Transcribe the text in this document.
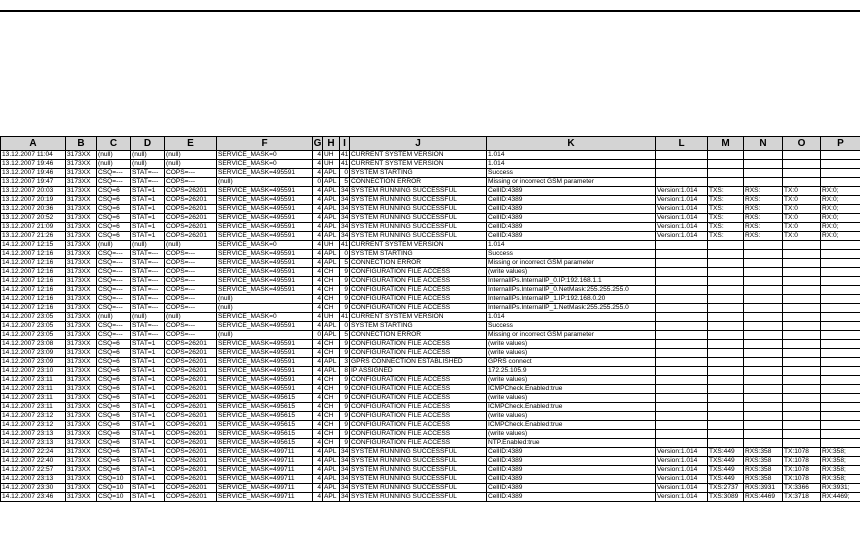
A	B	C	D	E	F	G	H	I	J	K	L	M	N	O	P
13.12.2007 11:04	3173XX	(null)	(null)	(null)	SERVICE_MASK=0	4	UH	41	CURRENT SYSTEM VERSION	1.014					
13.12.2007 19:46	3173XX	(null)	(null)	(null)	SERVICE_MASK=0	4	UH	41	CURRENT SYSTEM VERSION	1.014					
13.12.2007 19:46	3173XX	CSQ=---	STAT=---	COPS=---	SERVICE_MASK=495591	4	APL	0	SYSTEM STARTING	Success					
13.12.2007 19:47	3173XX	CSQ=---	STAT=---	COPS=---	(null)	0	APL	5	CONNECTION ERROR	Missing or incorrect GSM parameter					
13.12.2007 20:03	3173XX	CSQ=6	STAT=1	COPS=26201	SERVICE_MASK=495591	4	APL	34	SYSTEM RUNNING SUCCESSFUL	CellID:4389	Version:1.014	TXS:	RXS:	TX:0	RX:0;
13.12.2007 20:19	3173XX	CSQ=6	STAT=1	COPS=26201	SERVICE_MASK=495591	4	APL	34	SYSTEM RUNNING SUCCESSFUL	CellID:4389	Version:1.014	TXS:	RXS:	TX:0	RX:0;
13.12.2007 20:36	3173XX	CSQ=6	STAT=1	COPS=26201	SERVICE_MASK=495591	4	APL	34	SYSTEM RUNNING SUCCESSFUL	CellID:4389	Version:1.014	TXS:	RXS:	TX:0	RX:0;
13.12.2007 20:52	3173XX	CSQ=6	STAT=1	COPS=26201	SERVICE_MASK=495591	4	APL	34	SYSTEM RUNNING SUCCESSFUL	CellID:4389	Version:1.014	TXS:	RXS:	TX:0	RX:0;
13.12.2007 21:09	3173XX	CSQ=6	STAT=1	COPS=26201	SERVICE_MASK=495591	4	APL	34	SYSTEM RUNNING SUCCESSFUL	CellID:4389	Version:1.014	TXS:	RXS:	TX:0	RX:0;
13.12.2007 21:26	3173XX	CSQ=6	STAT=1	COPS=26201	SERVICE_MASK=495591	4	APL	34	SYSTEM RUNNING SUCCESSFUL	CellID:4389	Version:1.014	TXS:	RXS:	TX:0	RX:0;
14.12.2007 12:15	3173XX	(null)	(null)	(null)	SERVICE_MASK=0	4	UH	41	CURRENT SYSTEM VERSION	1.014					
14.12.2007 12:16	3173XX	CSQ=---	STAT=---	COPS=---	SERVICE_MASK=495591	4	APL	0	SYSTEM STARTING	Success					
14.12.2007 12:16	3173XX	CSQ=---	STAT=---	COPS=---	SERVICE_MASK=495591	4	APL	5	CONNECTION ERROR	Missing or incorrect GSM parameter					
14.12.2007 12:16	3173XX	CSQ=---	STAT=---	COPS=---	SERVICE_MASK=495591	4	CH	9	CONFIGURATION FILE ACCESS	(write values)					
14.12.2007 12:16	3173XX	CSQ=---	STAT=---	COPS=---	SERVICE_MASK=495591	4	CH	9	CONFIGURATION FILE ACCESS	InternalIPs.InternalIP_0.IP:192.168.1.1					
14.12.2007 12:16	3173XX	CSQ=---	STAT=---	COPS=---	SERVICE_MASK=495591	4	CH	9	CONFIGURATION FILE ACCESS	InternalIPs.InternalIP_0.NetMask:255.255.255.0					
14.12.2007 12:16	3173XX	CSQ=---	STAT=---	COPS=---	(null)	4	CH	9	CONFIGURATION FILE ACCESS	InternalIPs.InternalIP_1.IP:192.168.0.20					
14.12.2007 12:16	3173XX	CSQ=---	STAT=---	COPS=---	(null)	4	CH	9	CONFIGURATION FILE ACCESS	InternalIPs.InternalIP_1.NetMask:255.255.255.0					
14.12.2007 23:05	3173XX	(null)	(null)	(null)	SERVICE_MASK=0	4	UH	41	CURRENT SYSTEM VERSION	1.014					
14.12.2007 23:05	3173XX	CSQ=---	STAT=---	COPS=---	SERVICE_MASK=495591	4	APL	0	SYSTEM STARTING	Success					
14.12.2007 23:05	3173XX	CSQ=---	STAT=---	COPS=---	(null)	0	APL	5	CONNECTION ERROR	Missing or incorrect GSM parameter					
14.12.2007 23:08	3173XX	CSQ=6	STAT=1	COPS=26201	SERVICE_MASK=495591	4	CH	9	CONFIGURATION FILE ACCESS	(write values)					
14.12.2007 23:09	3173XX	CSQ=6	STAT=1	COPS=26201	SERVICE_MASK=495591	4	CH	9	CONFIGURATION FILE ACCESS	(write values)					
14.12.2007 23:09	3173XX	CSQ=6	STAT=1	COPS=26201	SERVICE_MASK=495591	4	APL	3	GPRS CONNECTION ESTABLISHED	GPRS connect					
14.12.2007 23:10	3173XX	CSQ=6	STAT=1	COPS=26201	SERVICE_MASK=495591	4	APL	8	IP ASSIGNED	172.25.105.9					
14.12.2007 23:11	3173XX	CSQ=6	STAT=1	COPS=26201	SERVICE_MASK=495591	4	CH	9	CONFIGURATION FILE ACCESS	(write values)					
14.12.2007 23:11	3173XX	CSQ=6	STAT=1	COPS=26201	SERVICE_MASK=495591	4	CH	9	CONFIGURATION FILE ACCESS	ICMPCheck.Enabled:true					
14.12.2007 23:11	3173XX	CSQ=6	STAT=1	COPS=26201	SERVICE_MASK=495615	4	CH	9	CONFIGURATION FILE ACCESS	(write values)					
14.12.2007 23:11	3173XX	CSQ=6	STAT=1	COPS=26201	SERVICE_MASK=495615	4	CH	9	CONFIGURATION FILE ACCESS	ICMPCheck.Enabled:true					
14.12.2007 23:12	3173XX	CSQ=6	STAT=1	COPS=26201	SERVICE_MASK=495615	4	CH	9	CONFIGURATION FILE ACCESS	(write values)					
14.12.2007 23:12	3173XX	CSQ=6	STAT=1	COPS=26201	SERVICE_MASK=495615	4	CH	9	CONFIGURATION FILE ACCESS	ICMPCheck.Enabled:true					
14.12.2007 23:13	3173XX	CSQ=6	STAT=1	COPS=26201	SERVICE_MASK=495615	4	CH	9	CONFIGURATION FILE ACCESS	(write values)					
14.12.2007 23:13	3173XX	CSQ=6	STAT=1	COPS=26201	SERVICE_MASK=495615	4	CH	9	CONFIGURATION FILE ACCESS	NTP.Enabled:true					
14.12.2007 22:24	3173XX	CSQ=6	STAT=1	COPS=26201	SERVICE_MASK=499711	4	APL	34	SYSTEM RUNNING SUCCESSFUL	CellID:4389	Version:1.014	TXS:449	RXS:358	TX:1078	RX:358;
14.12.2007 22:40	3173XX	CSQ=6	STAT=1	COPS=26201	SERVICE_MASK=499711	4	APL	34	SYSTEM RUNNING SUCCESSFUL	CellID:4389	Version:1.014	TXS:449	RXS:358	TX:1078	RX:358;
14.12.2007 22:57	3173XX	CSQ=6	STAT=1	COPS=26201	SERVICE_MASK=499711	4	APL	34	SYSTEM RUNNING SUCCESSFUL	CellID:4389	Version:1.014	TXS:449	RXS:358	TX:1078	RX:358;
14.12.2007 23:13	3173XX	CSQ=10	STAT=1	COPS=26201	SERVICE_MASK=499711	4	APL	34	SYSTEM RUNNING SUCCESSFUL	CellID:4389	Version:1.014	TXS:449	RXS:358	TX:1078	RX:358;
14.12.2007 23:30	3173XX	CSQ=10	STAT=1	COPS=26201	SERVICE_MASK=499711	4	APL	34	SYSTEM RUNNING SUCCESSFUL	CellID:4389	Version:1.014	TXS:2737	RXS:3931	TX:3366	RX:3931;
14.12.2007 23:46	3173XX	CSQ=10	STAT=1	COPS=26201	SERVICE_MASK=499711	4	APL	34	SYSTEM RUNNING SUCCESSFUL	CellID:4389	Version:1.014	TXS:3089	RXS:4469	TX:3718	RX:4469;
